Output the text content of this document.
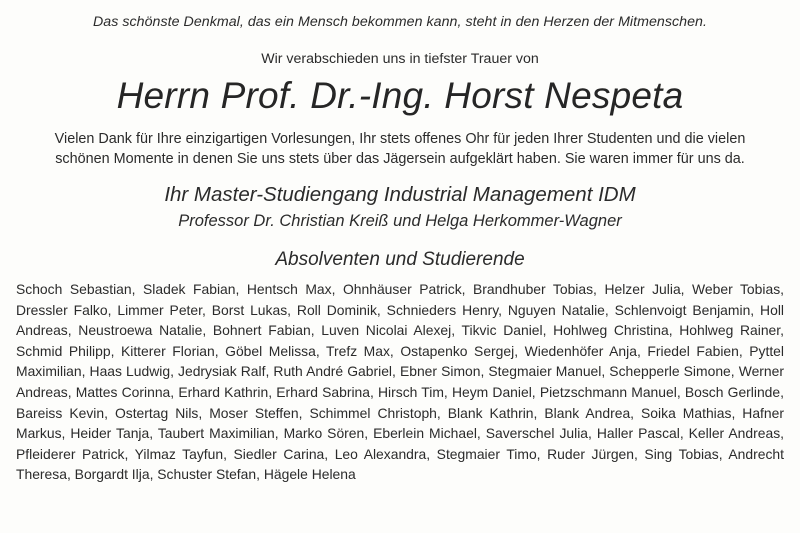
Das schönste Denkmal, das ein Mensch bekommen kann, steht in den Herzen der Mitmenschen.
Wir verabschieden uns in tiefster Trauer von
Herrn Prof. Dr.-Ing. Horst Nespeta
Vielen Dank für Ihre einzigartigen Vorlesungen, Ihr stets offenes Ohr für jeden Ihrer Studenten und die vielen
schönen Momente in denen Sie uns stets über das Jägersein aufgeklärt haben. Sie waren immer für uns da.
Ihr Master-Studiengang Industrial Management IDM
Professor Dr. Christian Kreiß und Helga Herkommer-Wagner
Absolventen und Studierende
Schoch Sebastian, Sladek Fabian, Hentsch Max, Ohnhäuser Patrick, Brandhuber Tobias, Helzer Julia, Weber Tobias, Dressler Falko, Limmer Peter, Borst Lukas, Roll Dominik, Schnieders Henry, Nguyen Natalie, Schlenvoigt Benjamin, Holl Andreas, Neustroewa Natalie, Bohnert Fabian, Luven Nicolai Alexej, Tikvic Daniel, Hohlweg Christina, Hohlweg Rainer, Schmid Philipp, Kitterer Florian, Göbel Melissa, Trefz Max, Ostapenko Sergej, Wiedenhöfer Anja, Friedel Fabien, Pyttel Maximilian, Haas Ludwig, Jedrysiak Ralf, Ruth André Gabriel, Ebner Simon, Stegmaier Manuel, Schepperle Simone, Werner Andreas, Mattes Corinna, Erhard Kathrin, Erhard Sabrina, Hirsch Tim, Heym Daniel, Pietzschmann Manuel, Bosch Gerlinde, Bareiss Kevin, Ostertag Nils, Moser Steffen, Schimmel Christoph, Blank Kathrin, Blank Andrea, Soika Mathias, Hafner Markus, Heider Tanja, Taubert Maximilian, Marko Sören, Eberlein Michael, Saverschel Julia, Haller Pascal, Keller Andreas, Pfleiderer Patrick, Yilmaz Tayfun, Siedler Carina, Leo Alexandra, Stegmaier Timo, Ruder Jürgen, Sing Tobias, Andrecht Theresa, Borgardt Ilja, Schuster Stefan, Hägele Helena
